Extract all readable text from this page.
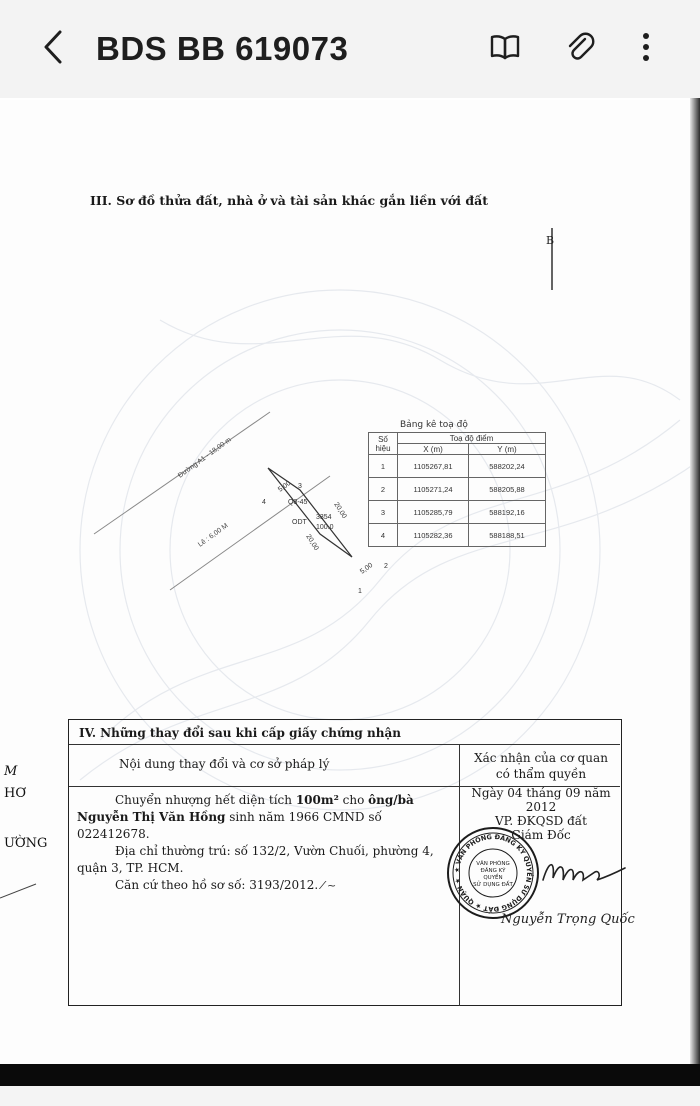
BDS BB 619073
III. Sơ đồ thửa đất, nhà ở và tài sản khác gắn liền với đất
B
Đường A1 - 18,00 m
Lê : 6,00 M
3
4
2
1
5,00
Q3-45
ODT
3354
100.0
20,00
20,00
5,00
Bảng kê toạ độ
Số hiệu	Toạ độ điểm	
	X (m)	Y (m)
1	1105267,81	588202,24
2	1105271,24	588205,88
3	1105285,79	588192,16
4	1105282,36	588188,51
M
HƠ
ƯỜNG
IV. Những thay đổi sau khi cấp giấy chứng nhận
Nội dung thay đổi và cơ sở pháp lý	Xác nhận của cơ quan
có thẩm quyền

Chuyển nhượng hết diện tích 100m² cho ông/bà Nguyễn Thị Văn Hồng sinh năm 1966 CMND số 022412678.

Địa chỉ thường trú: số 132/2, Vườn Chuối, phường 4, quận 3, TP. HCM.

Căn cứ theo hồ sơ số: 3193/2012. ⁄ ~

Ngày 04 tháng 09 năm 2012
VP. ĐKQSD đất
Giám Đốc
★ VĂN PHÒNG ĐĂNG KÝ QUYỀN SỬ DỤNG ĐẤT ★ QUẬN ★
VĂN PHÒNG
ĐĂNG KÝ
QUYỀN
SỬ DỤNG ĐẤT
Nguyễn Trọng Quốc
